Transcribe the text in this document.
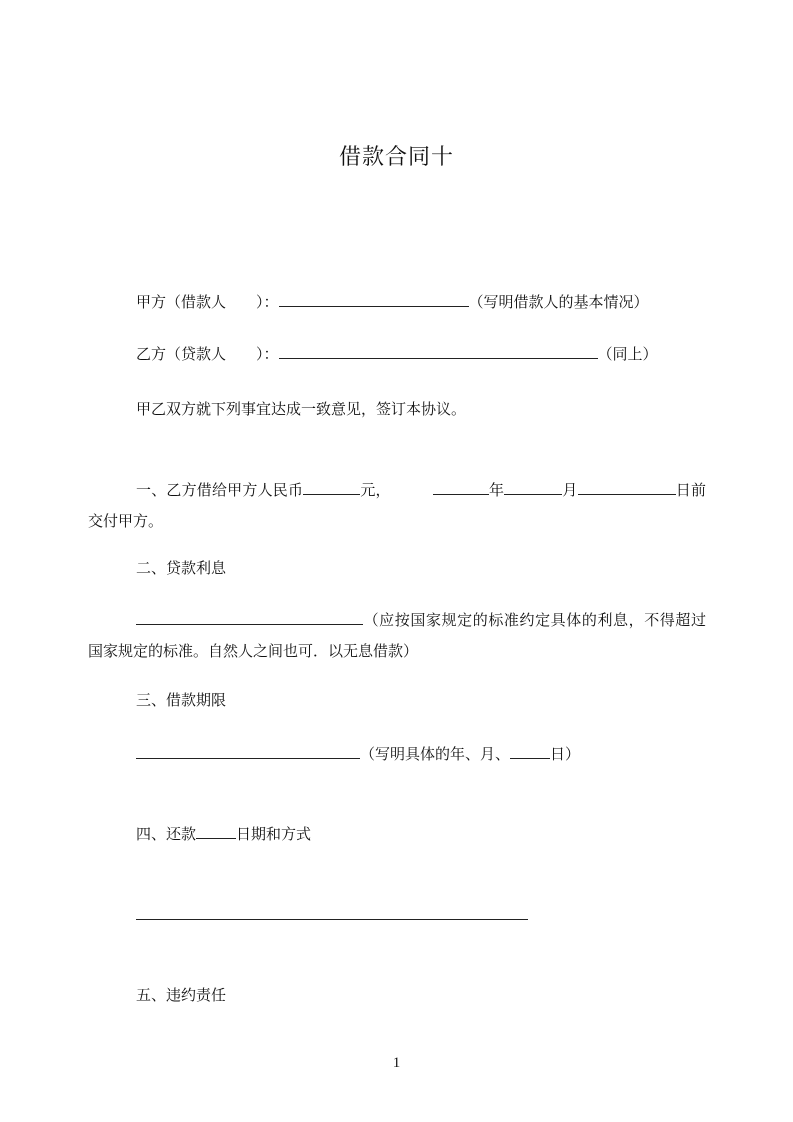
借款合同十

甲方（借款人 ）：	（写明借款人的基本情况）

乙方（贷款人 ）：	（同上）

甲乙双方就下列事宜达成一致意见，签订本协议。

一、乙方借给甲方人民币	元，	年	月	日前交付甲方。

二、贷款利息

（应按国家规定的标准约定具体的利息，不得超过国家规定的标准。自然人之间也可．以无息借款）

三、借款期限

（写明具体的年、月、	日）

四、还款	日期和方式

五、违约责任

1
